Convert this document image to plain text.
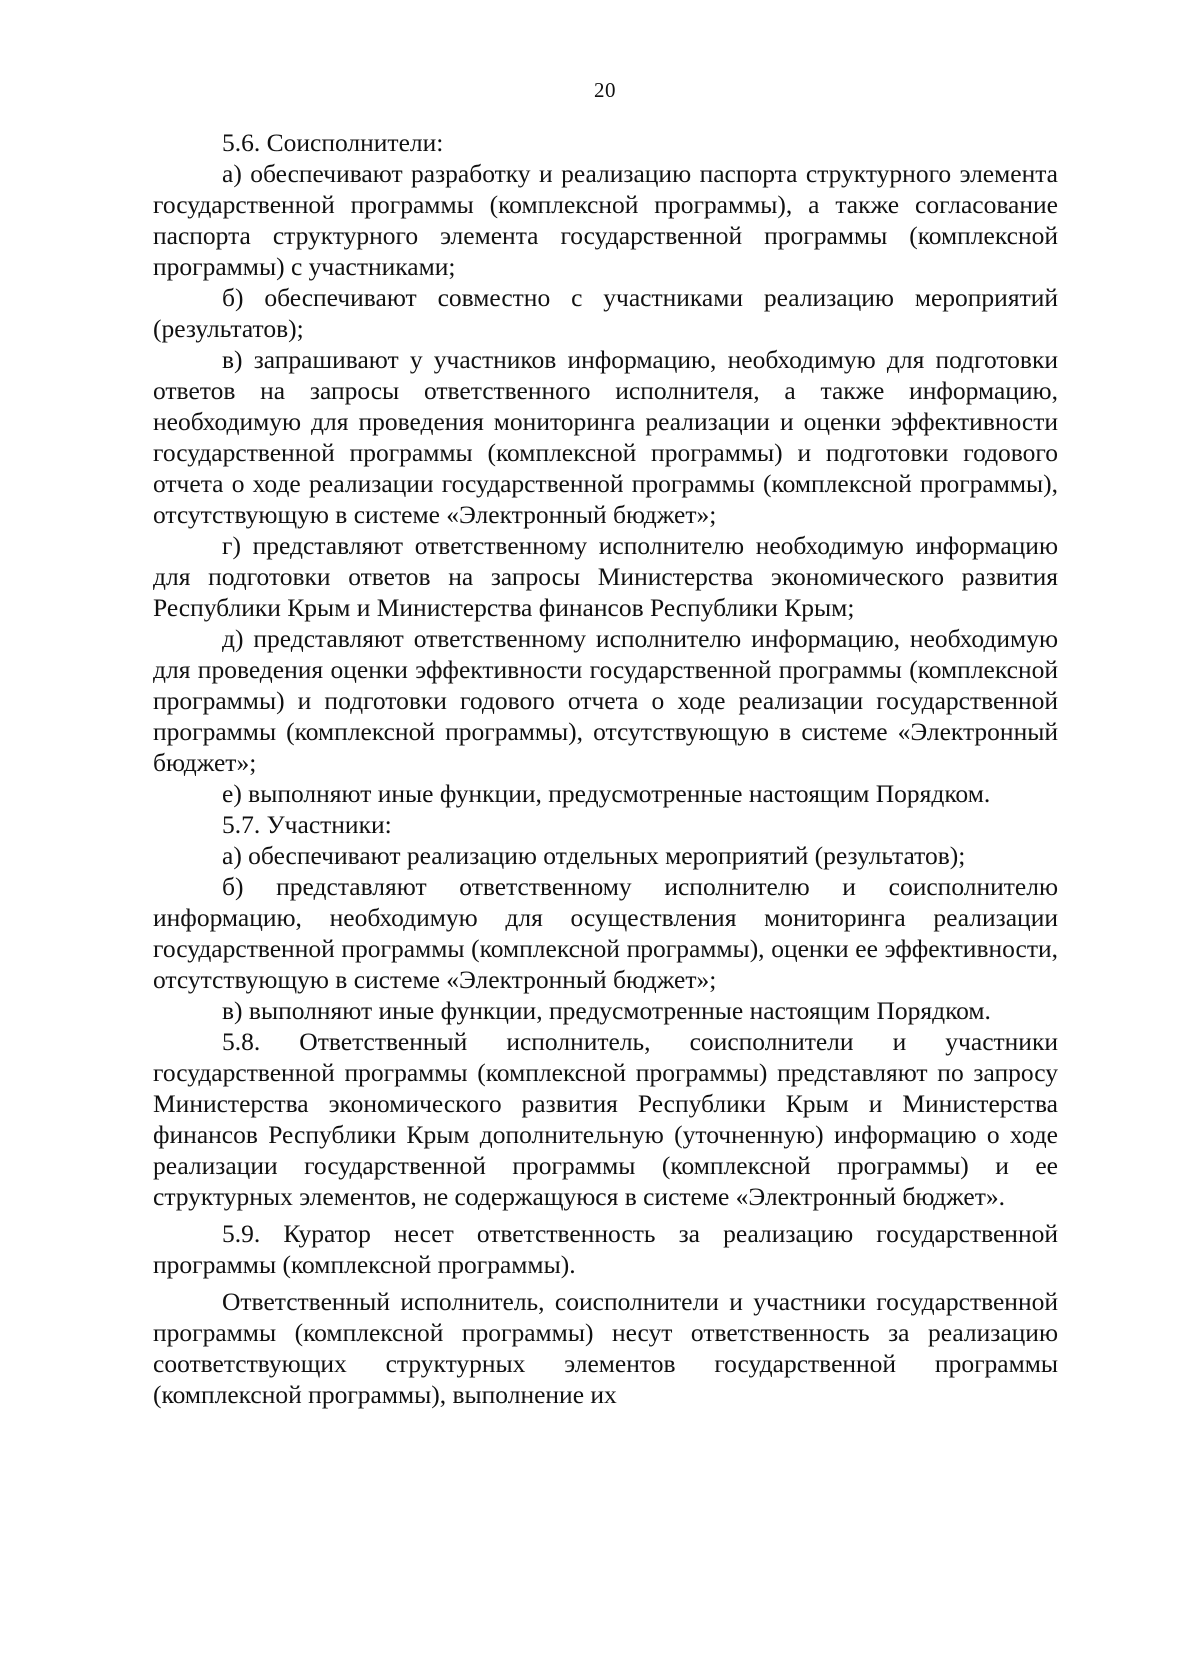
20

5.6. Соисполнители:

а) обеспечивают разработку и реализацию паспорта структурного элемента государственной программы (комплексной программы), а также согласование паспорта структурного элемента государственной программы (комплексной программы) с участниками;

б) обеспечивают совместно с участниками реализацию мероприятий (результатов);

в) запрашивают у участников информацию, необходимую для подготовки ответов на запросы ответственного исполнителя, а также информацию, необходимую для проведения мониторинга реализации и оценки эффективности государственной программы (комплексной программы) и подготовки годового отчета о ходе реализации государственной программы (комплексной программы), отсутствующую в системе «Электронный бюджет»;

г) представляют ответственному исполнителю необходимую информацию для подготовки ответов на запросы Министерства экономического развития Республики Крым и Министерства финансов Республики Крым;

д) представляют ответственному исполнителю информацию, необходимую для проведения оценки эффективности государственной программы (комплексной программы) и подготовки годового отчета о ходе реализации государственной программы (комплексной программы), отсутствующую в системе «Электронный бюджет»;

е) выполняют иные функции, предусмотренные настоящим Порядком.

5.7. Участники:

а) обеспечивают реализацию отдельных мероприятий (результатов);

б) представляют ответственному исполнителю и соисполнителю информацию, необходимую для осуществления мониторинга реализации государственной программы (комплексной программы), оценки ее эффективности, отсутствующую в системе «Электронный бюджет»;

в) выполняют иные функции, предусмотренные настоящим Порядком.

5.8. Ответственный исполнитель, соисполнители и участники государственной программы (комплексной программы) представляют по запросу Министерства экономического развития Республики Крым и Министерства финансов Республики Крым дополнительную (уточненную) информацию о ходе реализации государственной программы (комплексной программы) и ее структурных элементов, не содержащуюся в системе «Электронный бюджет».

5.9. Куратор несет ответственность за реализацию государственной программы (комплексной программы).

Ответственный исполнитель, соисполнители и участники государственной программы (комплексной программы) несут ответственность за реализацию соответствующих структурных элементов государственной программы (комплексной программы), выполнение их
